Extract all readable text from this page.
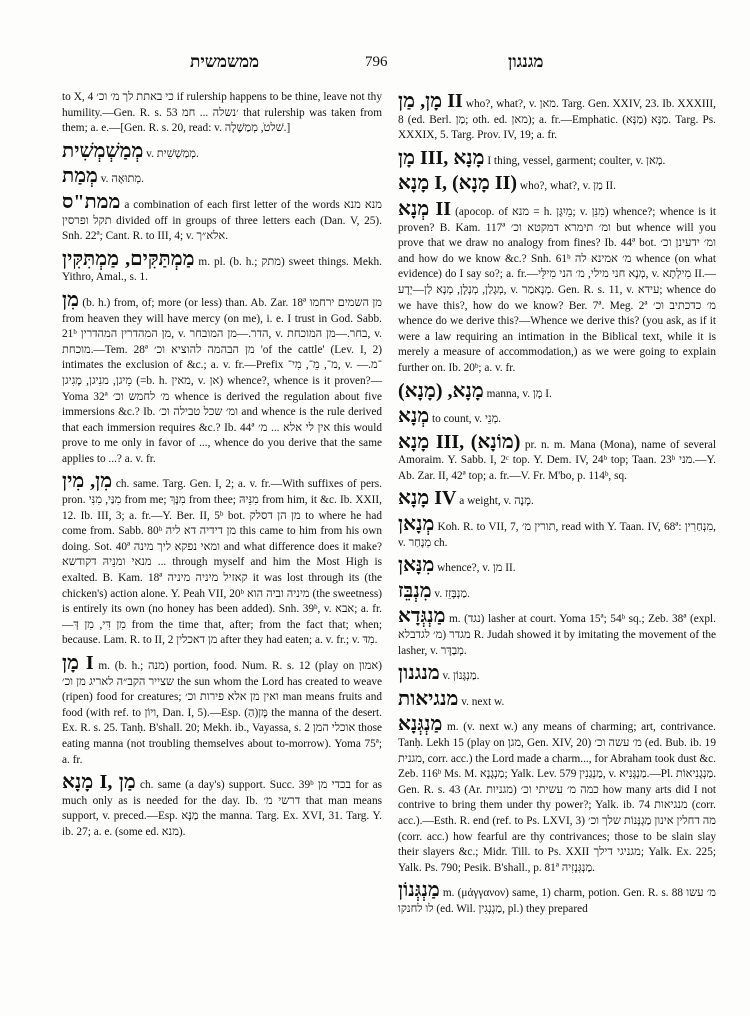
ממשמשית	796	מגנגון

to X, 4 כי באתת לך מ׳ וכ׳ if rulership happens to be thine, leave not thy humility.—Gen. R. s. 53 ׳נשלה ... חמ that rulership was taken from them; a. e.—[Gen. R. s. 20, read: v. שׁלטׁ, מְמַשֶׁלָה.]

מְמַשְׁמְשִׁית v. מְמַשְׁשִׁית.

מְמַת v. מְתוּאָה.

ממת"ס a combination of each first letter of the words מנא מנא תקל ופרסין divided off in groups of three letters each (Dan. V, 25). Snh. 22ª; Cant. R. to III, 4; v. אלא״ך.

מַמְתַּקִּים, מַמְתִּקִּין m. pl. (b. h.; מתק) sweet things. Mekh. Yithro, Amal., s. 1.

מִן (b. h.) from, of; more (or less) than. Ab. Zar. 18ª מן השמים ירחמו from heaven they will have mercy (on me), i. e. I trust in God. Sabb. 21ᵇ מן המהדרין המהדרין, v. הדר.—מן המובחר, v. בחר.—מן המוכחת, v. מוכחת.—Tem. 28ª מן הבהמה להוציא וכ׳ 'of the cattle' (Lev. I, 2) intimates the exclusion of &c.; a. v. fr.—Prefix מ־, מֵ־, מִי־, v. ־מ.—מֵיגן, מנִיגן, מָגִיגן (=b. h. מאין, v. אן) whence?, whence is it proven?—Yoma 32ª מ׳ לחמש וכ׳ whence is derived the regulation about five immersions &c.? Ib. ומ׳ שכל טבילה וכ׳ and whence is the rule derived that each immersion requires &c.? Ib. 44ª אין לי אלא ... מ׳ this would prove to me only in favor of ..., whence do you derive that the same applies to ...? a. v. fr.

מִן, מִין ch. same. Targ. Gen. I, 2; a. v. fr.—With suffixes of pers. pron. מִנַּי, מִנִּי from me; מִנָּךְ from thee; מִנֵּיהּ from him, it &c. Ib. XXII, 12. Ib. III, 3; a. fr.—Y. Ber. II, 5ᵇ bot. מן הן דסלק to where he had come from. Sabb. 80ᵇ מן דידיה דא ליה this came to him from his own doing. Sot. 40ª ומאי נפקא ליך מינה and what difference does it make? מנאי ומנֵיהּ דקודשא ... through myself and him the Most High is exalted. B. Kam. 18ª קאזיל מיניה מיניה it was lost through its (the chicken's) action alone. Y. Peah VII, 20ᵇ מיניה וביה הוא (the sweetness) is entirely its own (no honey has been added). Snh. 39ᵇ, v. אבא; a. fr.—מִן דִּי, מִן דְּ from the time that, after; from the fact that; when; because. Lam. R. to II, 2 מן דאכלין after they had eaten; a. v. fr.; v. מִדּ.

מָן I m. (b. h.; מנה) portion, food. Num. R. s. 12 (play on אמון) שצייר הקב״ה לאריג מן וכ׳ the sun whom the Lord has created to weave (ripen) food for creatures; ואין מן אלא פירות וכ׳ man means fruits and food (with ref. to ויוֹן, Dan. I, 5).—Esp. (הַ)מָּן the manna of the desert. Ex. R. s. 25. Tanḥ. B'shall. 20; Mekh. ib., Vayassa, s. 2 אוכלי המן those eating manna (not troubling themselves about to-morrow). Yoma 75ª; a. fr.

מָנָא I, מַן ch. same (a day's) support. Succ. 39ᵇ בכדי מן for as much only as is needed for the day. Ib. דרשי מ׳ that man means support, v. preced.—Esp. מַנָּא the manna. Targ. Ex. XVI, 31. Targ. Y. ib. 27; a. e. (some ed. מנא).

מָן, מַן II who?, what?, v. מאן. Targ. Gen. XXIV, 23. Ib. XXXIII, 8 (ed. Berl. מַן; oth. ed. מאן); a. fr.—Emphatic. מַנָּא (מַנָּא). Targ. Ps. XXXIX, 5. Targ. Prov. IV, 19; a. fr.

מָן III, מָנָא I thing, vessel, garment; coulter, v. מָאן.

מָנָא I, (מָנָא II) who?, what?, v. מַן II.

מְנָא II (apocop. of מנא = h. מֵיִגָּן; v. מִנִּן) whence?; whence is it proven? B. Kam. 117ª ומ׳ תימרא דמקטא וכ׳ but whence will you prove that we draw no analogy from fines? Ib. 44ª bot. ומ׳ ידעינן וכ׳ and how do we know &c.? Snh. 61ᵇ מ׳ אמינא לה whence (on what evidence) do I say so?; a. fr.—מְנָא חני מילי, מ׳ הני מִילֵּי, v. מִילְתָא II.—מְגָלַן, מְנָלָן, מְנָא לַן—יְדָע, v. מְנָאמַר. Gen. R. s. 11, v. עידא; whence do we have this?, how do we know? Ber. 7ª. Meg. 2ª מ׳ כדכתיב וכ׳ whence do we derive this?—Whence we derive this? (you ask, as if it were a law requiring an intimation in the Biblical text, while it is merely a measure of accommodation,) as we were going to explain further on. Ib. 20ᵇ; a. v. fr.

מָנָא, (מָנָא) manna, v. מָן I.

מְנָא to count, v. מְנֵי.

מָנָא III, (מוֹנָא) pr. n. m. Mana (Mona), name of several Amoraim. Y. Sabb. I, 2ᶜ top. Y. Dem. IV, 24ᵇ top; Taan. 23ᵇ מני.—Y. Ab. Zar. II, 42ª top; a. fr.—V. Fr. M'bo, p. 114ᵇ, sq.

מָנָא IV a weight, v. מָנֶה.

מְנָאן Koh. R. to VII, 7, תורין מ׳, read with Y. Taan. IV, 68ª: מִנְחַרִין, v. מְנָחַר ch.

מִנָּאן whence?, v. מן II.

מִנְבֵּז v. מַנְבָּזֵז.

מַנְגְּדָא m. (נגד) lasher at court. Yoma 15ª; 54ᵇ sq.; Zeb. 38ª (expl. מ׳ לגדבלא) מגדר R. Judah showed it by imitating the movement of the lasher, v. מְבַדָּר.

מנגנון v. מַנְגָּנוֹן.

מנגיאות v. next w.

מַנְגְּנָא m. (v. next w.) any means of charming; art, contrivance. Tanḥ. Lekh 15 (play on מגן, Gen. XIV, 20) מ׳ עשה וכ׳ (ed. Bub. ib. 19 מגנית, corr. acc.) the Lord made a charm..., for Abraham took dust &c. Zeb. 116ᵇ Ms. M. מַנְגָנָא; Yalk. Lev. 579 מַנְגַנִין, v. מַנְגָּנִיא.—Pl. מַנְגָנִיאוֹת. Gen. R. s. 43 (Ar. מגניות) כמה מ׳ עשיתי וכ׳ how many arts did I not contrive to bring them under thy power?; Yalk. ib. 74 מנגיאות (corr. acc.).—Esth. R. end (ref. to Ps. LXVI, 3) מה דחלין אינון מַגְנְּנוֹת שלך וכ׳ (corr. acc.) how fearful are thy contrivances; those to be slain slay their slayers &c.; Midr. Till. to Ps. XXII מגניגי דילך; Yalk. Ex. 225; Yalk. Ps. 790; Pesik. B'shall., p. 81ª מַנְגְּנָזִיה.

מַנְגְּנוֹן m. (μάγγανον) same, 1) charm, potion. Gen. R. s. 88 מ׳ עשו לו לחנקו (ed. Wil. מַגְנְגִין, pl.) they prepared
